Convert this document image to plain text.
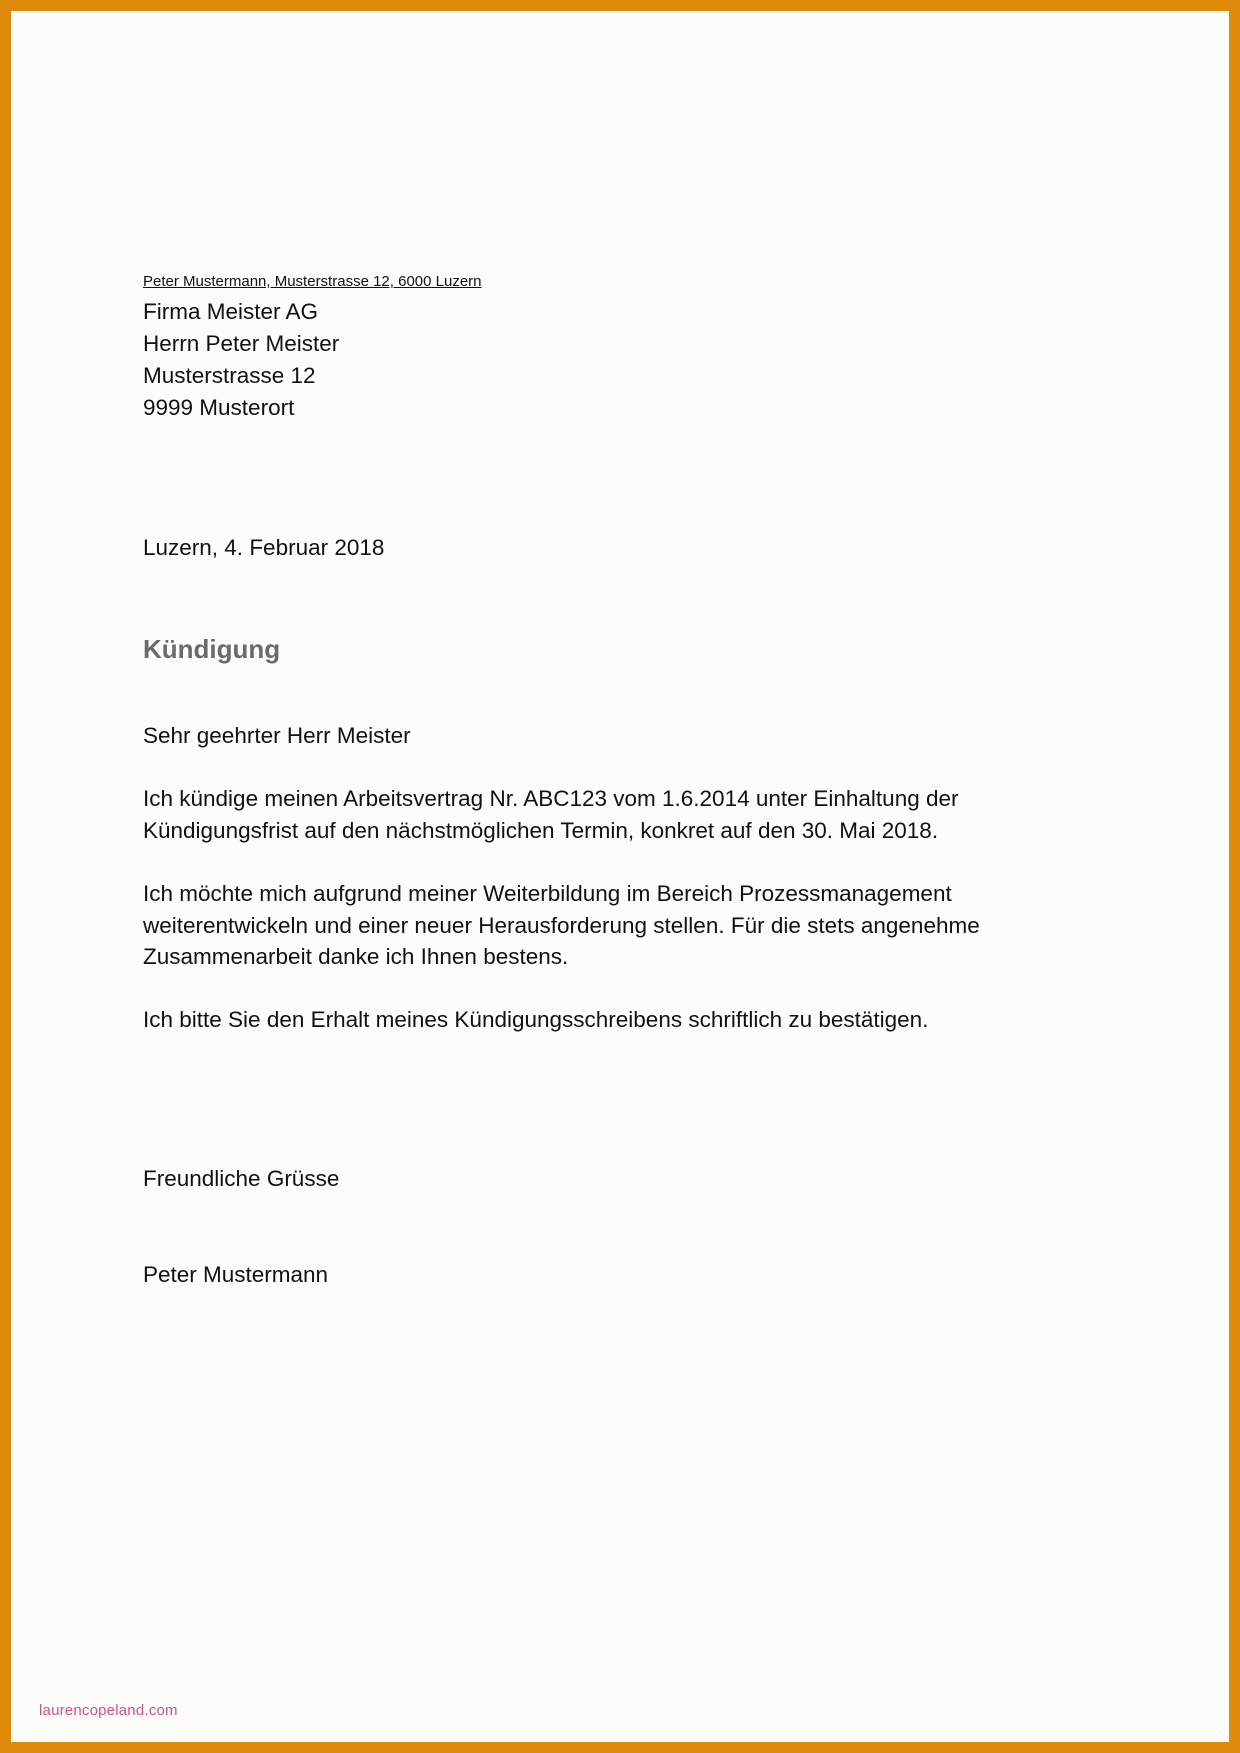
Peter Mustermann, Musterstrasse 12, 6000 Luzern
Firma Meister AG
Herrn Peter Meister
Musterstrasse 12
9999 Musterort
Luzern, 4. Februar 2018
Kündigung
Sehr geehrter Herr Meister
Ich kündige meinen Arbeitsvertrag Nr. ABC123 vom 1.6.2014 unter Einhaltung der Kündigungsfrist auf den nächstmöglichen Termin, konkret auf den 30. Mai 2018.
Ich möchte mich aufgrund meiner Weiterbildung im Bereich Prozessmanagement weiterentwickeln und einer neuer Herausforderung stellen. Für die stets angenehme Zusammenarbeit danke ich Ihnen bestens.
Ich bitte Sie den Erhalt meines Kündigungsschreibens schriftlich zu bestätigen.
Freundliche Grüsse
Peter Mustermann
laurencopeland.com
